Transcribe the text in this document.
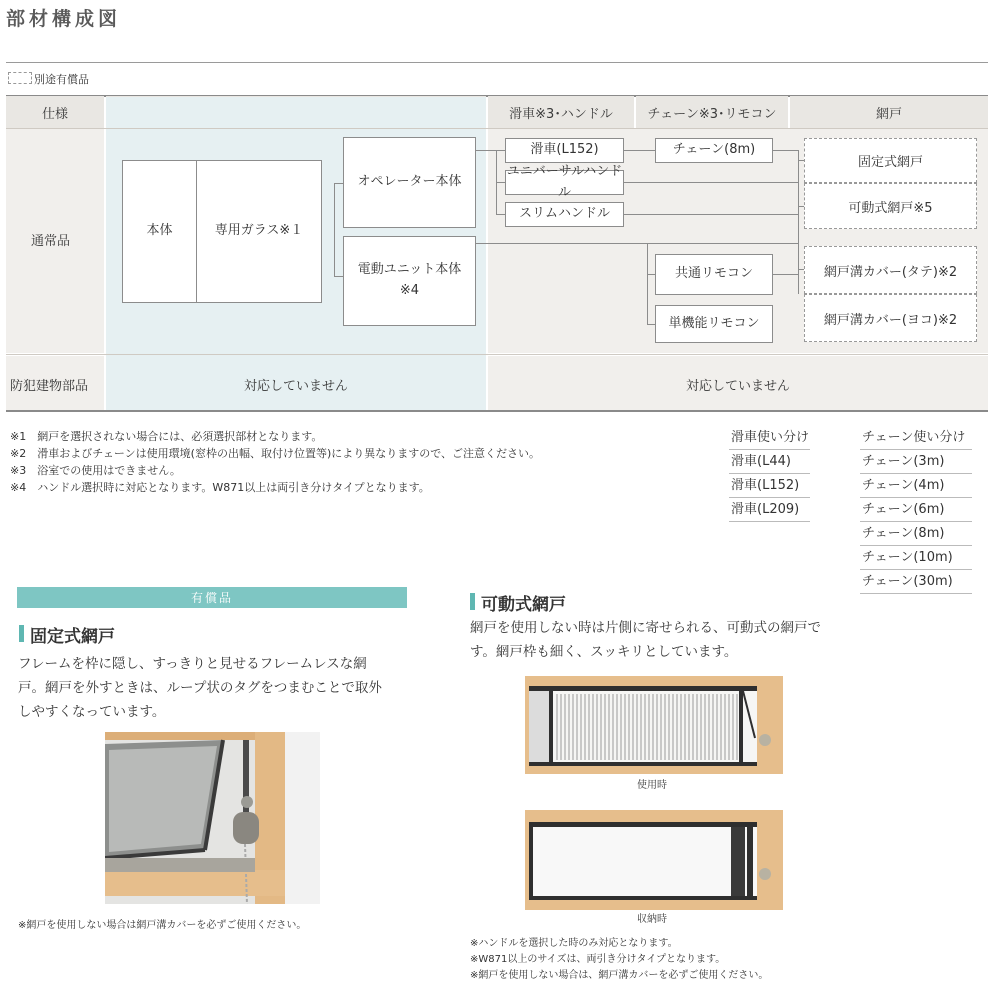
部材構成図
別途有償品
仕様	滑車※3･ハンドル	チェーン※3･リモコン	網戸
通常品
防犯建物部品	対応していません	対応していません
本体	専用ガラス※１
オペレーター本体
電動ユニット本体
※4
滑車(L152)
ユニバーサルハンドル
スリムハンドル
チェーン(8m)
共通リモコン
単機能リモコン
固定式網戸
可動式網戸※5
網戸溝カバー(タテ)※2
網戸溝カバー(ヨコ)※2
※1　網戸を選択されない場合には、必須選択部材となります。
※2　滑車およびチェーンは使用環境(窓枠の出幅、取付け位置等)により異なりますので、ご注意ください。
※3　浴室での使用はできません。
※4　ハンドル選択時に対応となります。W871以上は両引き分けタイプとなります。
滑車使い分け
滑車(L44)
滑車(L152)
滑車(L209)
チェーン使い分け
チェーン(3m)
チェーン(4m)
チェーン(6m)
チェーン(8m)
チェーン(10m)
チェーン(30m)
有償品
固定式網戸
フレームを枠に隠し、すっきりと見せるフレームレスな網
戸。網戸を外すときは、ループ状のタグをつまむことで取外
しやすくなっています。
※網戸を使用しない場合は網戸溝カバーを必ずご使用ください。
可動式網戸
網戸を使用しない時は片側に寄せられる、可動式の網戸で
す。網戸枠も細く、スッキリとしています。
使用時
収納時
※ハンドルを選択した時のみ対応となります。
※W871以上のサイズは、両引き分けタイプとなります。
※網戸を使用しない場合は、網戸溝カバーを必ずご使用ください。
